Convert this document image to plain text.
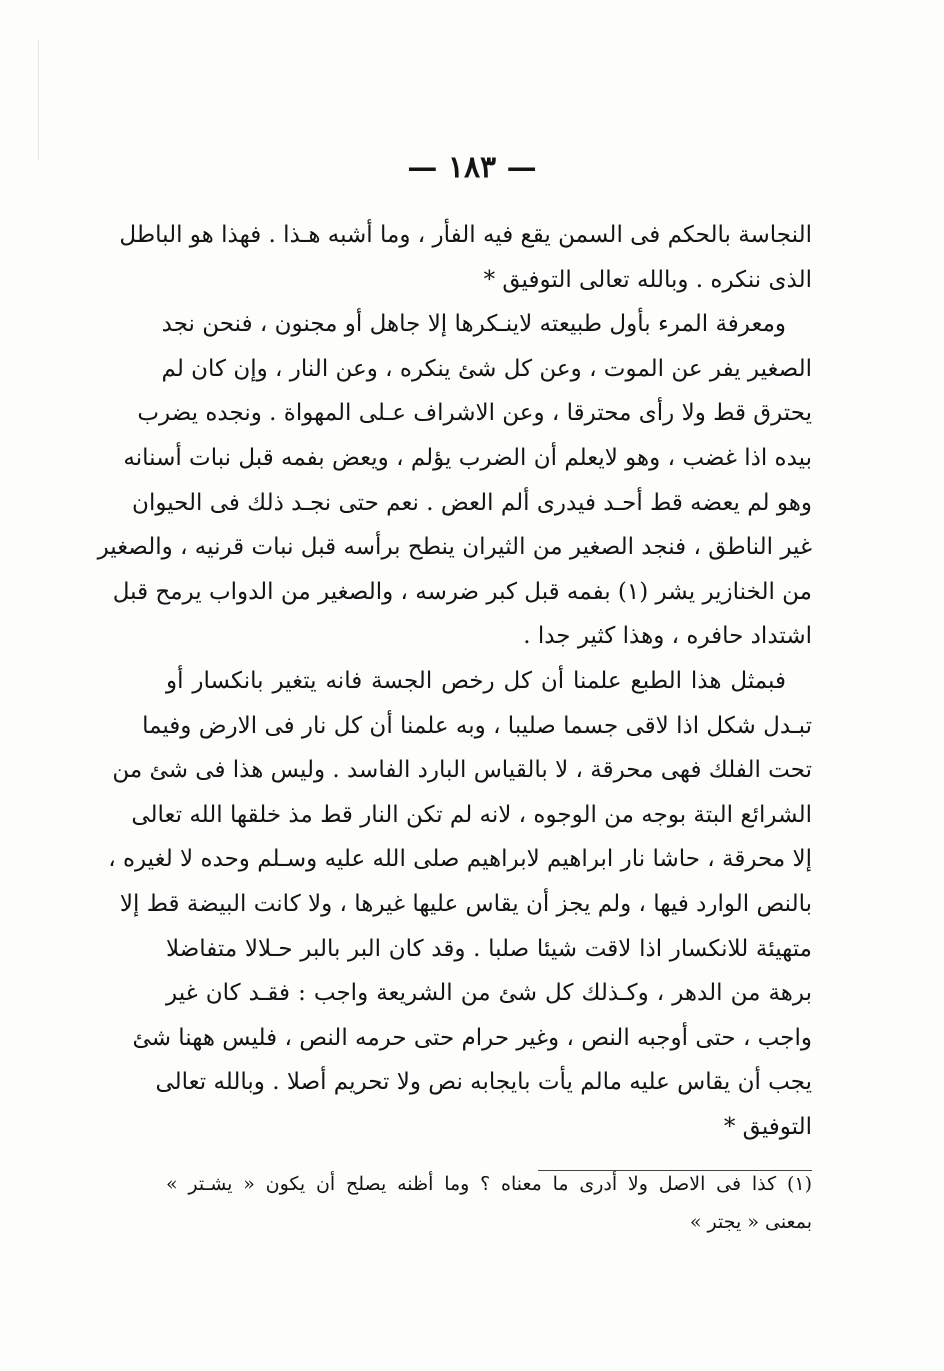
— ١٨٣ —
النجاسة بالحكم فى السمن يقع فيه الفأر ، وما أشبه هـذا . فهذا هو الباطل
الذى ننكره . وبالله تعالى التوفيق *
ومعرفة المرء بأول طبيعته لاينـكرها إلا جاهل أو مجنون ، فنحن نجد
الصغير يفر عن الموت ، وعن كل شئ ينكره ، وعن النار ، وإن كان لم
يحترق قط ولا رأى محترقا ، وعن الاشراف عـلى المهواة . ونجده يضرب
بيده اذا غضب ، وهو لايعلم أن الضرب يؤلم ، ويعض بفمه قبل نبات أسنانه
وهو لم يعضه قط أحـد فيدرى ألم العض . نعم حتى نجـد ذلك فى الحيوان
غير الناطق ، فنجد الصغير من الثيران ينطح برأسه قبل نبات قرنيه ، والصغير
من الخنازير يشر (١) بفمه قبل كبر ضرسه ، والصغير من الدواب يرمح قبل
اشتداد حافره ، وهذا كثير جدا .
فبمثل هذا الطبع علمنا أن كل رخص الجسة فانه يتغير بانكسار أو
تبـدل شكل اذا لاقى جسما صليبا ، وبه علمنا أن كل نار فى الارض وفيما
تحت الفلك فهى محرقة ، لا بالقياس البارد الفاسد . وليس هذا فى شئ من
الشرائع البتة بوجه من الوجوه ، لانه لم تكن النار قط مذ خلقها الله تعالى
إلا محرقة ، حاشا نار ابراهيم لابراهيم صلى الله عليه وسـلم وحده لا لغيره ،
بالنص الوارد فيها ، ولم يجز أن يقاس عليها غيرها ، ولا كانت البيضة قط إلا
متهيئة للانكسار اذا لاقت شيئا صلبا . وقد كان البر بالبر حـلالا متفاضلا
برهة من الدهر ، وكـذلك كل شئ من الشريعة واجب : فقـد كان غير
واجب ، حتى أوجبه النص ، وغير حرام حتى حرمه النص ، فليس ههنا شئ
يجب أن يقاس عليه مالم يأت بايجابه نص ولا تحريم أصلا . وبالله تعالى
التوفيق *
(١) كذا فى الاصل ولا أدرى ما معناه ؟ وما أظنه يصلح أن يكون « يشـتر »
بمعنى « يجتر »
